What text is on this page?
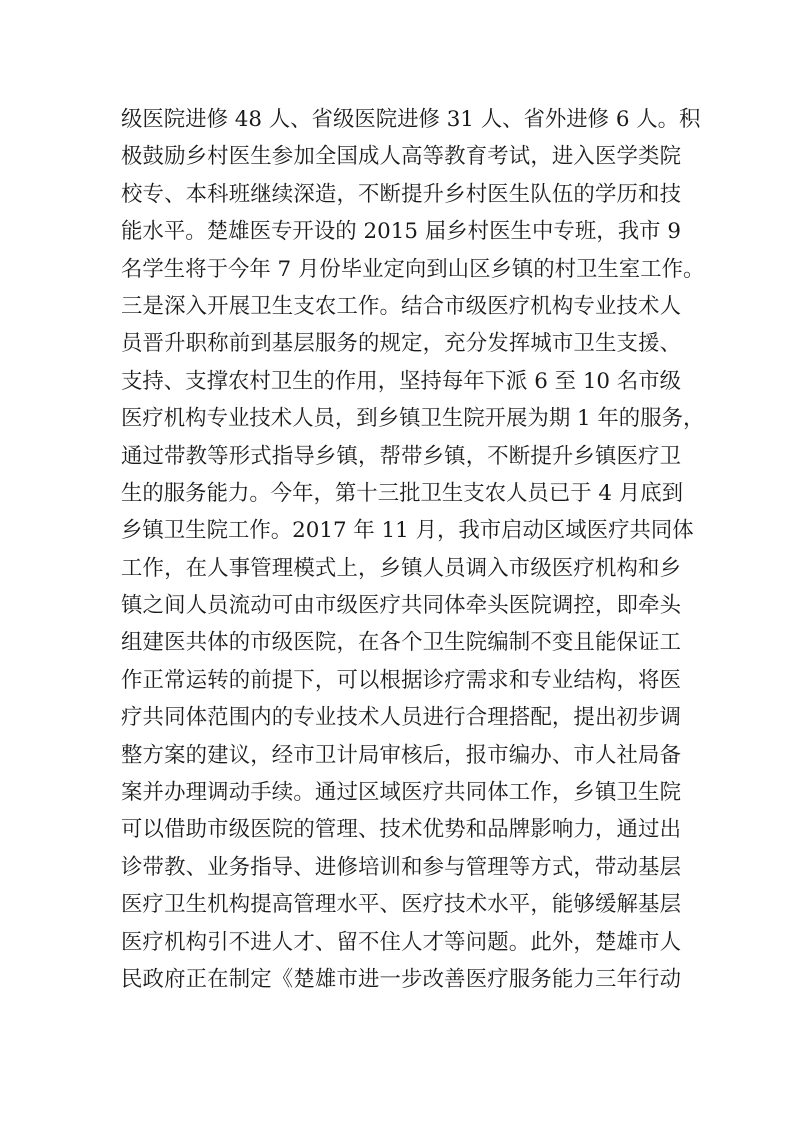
级医院进修 48 人、省级医院进修 31 人、省外进修 6 人。积
极鼓励乡村医生参加全国成人高等教育考试，进入医学类院
校专、本科班继续深造，不断提升乡村医生队伍的学历和技
能水平。楚雄医专开设的 2015 届乡村医生中专班，我市 9
名学生将于今年 7 月份毕业定向到山区乡镇的村卫生室工作。
三是深入开展卫生支农工作。结合市级医疗机构专业技术人
员晋升职称前到基层服务的规定，充分发挥城市卫生支援、
支持、支撑农村卫生的作用，坚持每年下派 6 至 10 名市级
医疗机构专业技术人员，到乡镇卫生院开展为期 1 年的服务，
通过带教等形式指导乡镇，帮带乡镇，不断提升乡镇医疗卫
生的服务能力。今年，第十三批卫生支农人员已于 4 月底到
乡镇卫生院工作。2017 年 11 月，我市启动区域医疗共同体
工作，在人事管理模式上，乡镇人员调入市级医疗机构和乡
镇之间人员流动可由市级医疗共同体牵头医院调控，即牵头
组建医共体的市级医院，在各个卫生院编制不变且能保证工
作正常运转的前提下，可以根据诊疗需求和专业结构，将医
疗共同体范围内的专业技术人员进行合理搭配，提出初步调
整方案的建议，经市卫计局审核后，报市编办、市人社局备
案并办理调动手续。通过区域医疗共同体工作，乡镇卫生院
可以借助市级医院的管理、技术优势和品牌影响力，通过出
诊带教、业务指导、进修培训和参与管理等方式，带动基层
医疗卫生机构提高管理水平、医疗技术水平，能够缓解基层
医疗机构引不进人才、留不住人才等问题。此外，楚雄市人
民政府正在制定《楚雄市进一步改善医疗服务能力三年行动
